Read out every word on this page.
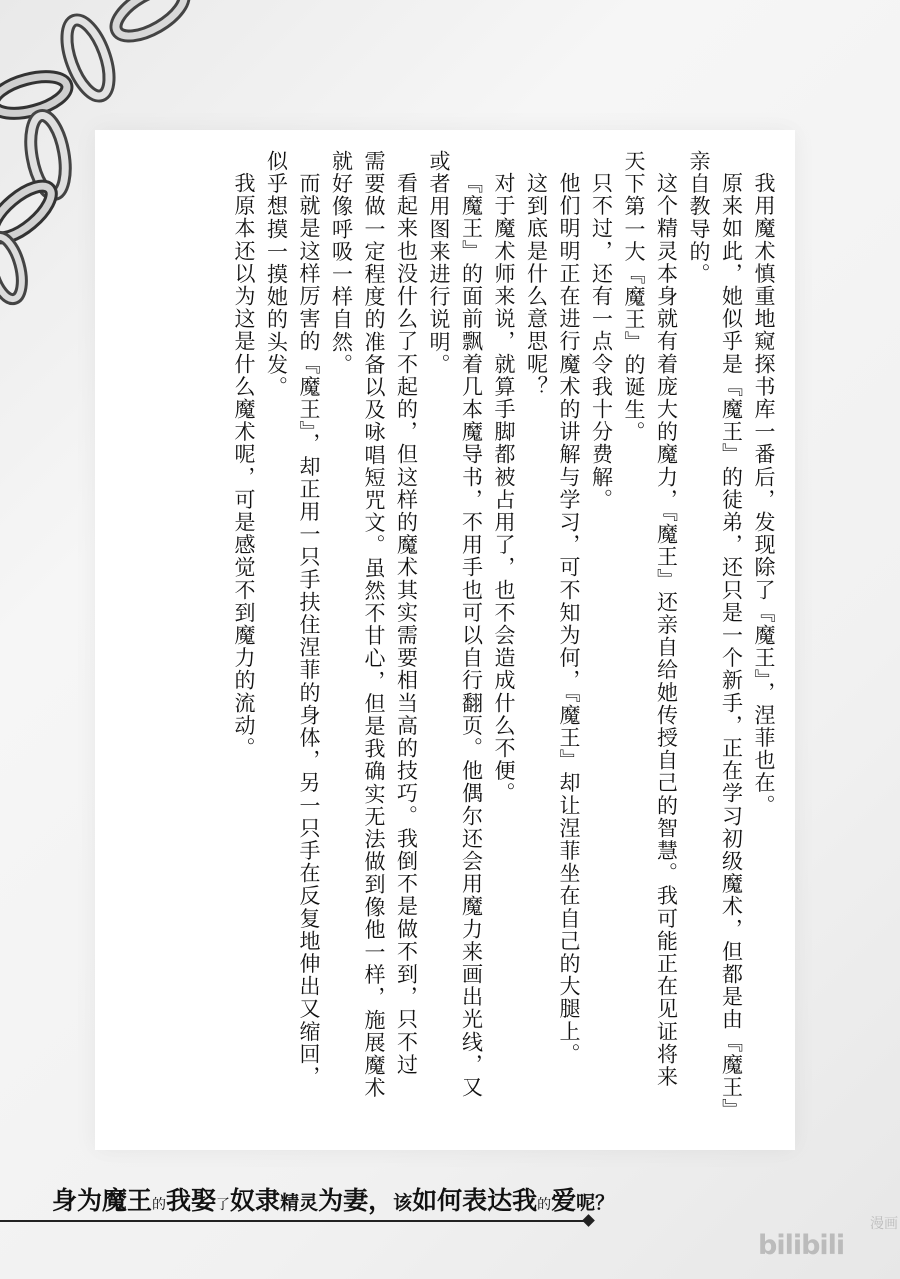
我用魔术慎重地窥探书库一番后，发现除了『魔王』，涅菲也在。
原来如此，她似乎是『魔王』的徒弟，还只是一个新手，正在学习初级魔术，但都是由『魔王』
亲自教导的。
这个精灵本身就有着庞大的魔力，『魔王』还亲自给她传授自己的智慧。我可能正在见证将来
天下第一大『魔王』的诞生。
只不过，还有一点令我十分费解。
他们明明正在进行魔术的讲解与学习，可不知为何，『魔王』却让涅菲坐在自己的大腿上。
这到底是什么意思呢？
对于魔术师来说，就算手脚都被占用了，也不会造成什么不便。
『魔王』的面前飘着几本魔导书，不用手也可以自行翻页。他偶尔还会用魔力来画出光线，又
或者用图来进行说明。
看起来也没什么了不起的，但这样的魔术其实需要相当高的技巧。我倒不是做不到，只不过
需要做一定程度的准备以及咏唱短咒文。虽然不甘心，但是我确实无法做到像他一样，施展魔术
就好像呼吸一样自然。
而就是这样厉害的『魔王』，却正用一只手扶住涅菲的身体，另一只手在反复地伸出又缩回，
似乎想摸一摸她的头发。
我原本还以为这是什么魔术呢，可是感觉不到魔力的流动。
身为魔王的我娶了奴隶精灵为妻，该如何表达我的爱呢？
bilibili
漫画
